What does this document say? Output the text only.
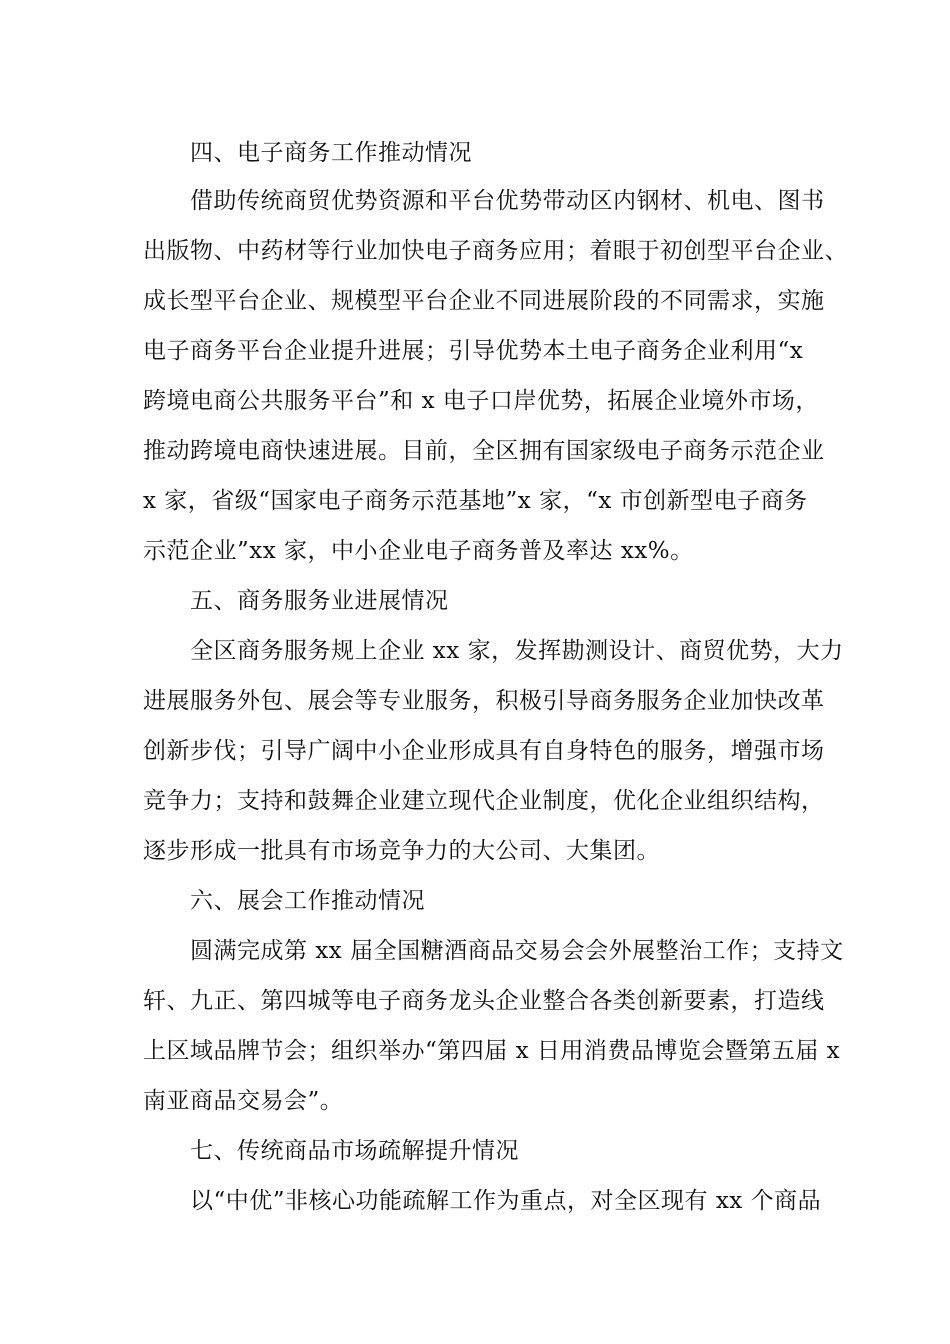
四、电子商务工作推动情况
借助传统商贸优势资源和平台优势带动区内钢材、机电、图书
出版物、中药材等行业加快电子商务应用；着眼于初创型平台企业、
成长型平台企业、规模型平台企业不同进展阶段的不同需求，实施
电子商务平台企业提升进展；引导优势本土电子商务企业利用“x
跨境电商公共服务平台”和 x 电子口岸优势，拓展企业境外市场，
推动跨境电商快速进展。目前，全区拥有国家级电子商务示范企业
x 家，省级“国家电子商务示范基地”x 家，“x 市创新型电子商务
示范企业”xx 家，中小企业电子商务普及率达 xx%。
五、商务服务业进展情况
全区商务服务规上企业 xx 家，发挥勘测设计、商贸优势，大力
进展服务外包、展会等专业服务，积极引导商务服务企业加快改革
创新步伐；引导广阔中小企业形成具有自身特色的服务，增强市场
竞争力；支持和鼓舞企业建立现代企业制度，优化企业组织结构，
逐步形成一批具有市场竞争力的大公司、大集团。
六、展会工作推动情况
圆满完成第 xx 届全国糖酒商品交易会会外展整治工作；支持文
轩、九正、第四城等电子商务龙头企业整合各类创新要素，打造线
上区域品牌节会；组织举办“第四届 x 日用消费品博览会暨第五届 x
南亚商品交易会”。
七、传统商品市场疏解提升情况
以“中优”非核心功能疏解工作为重点，对全区现有 xx 个商品
